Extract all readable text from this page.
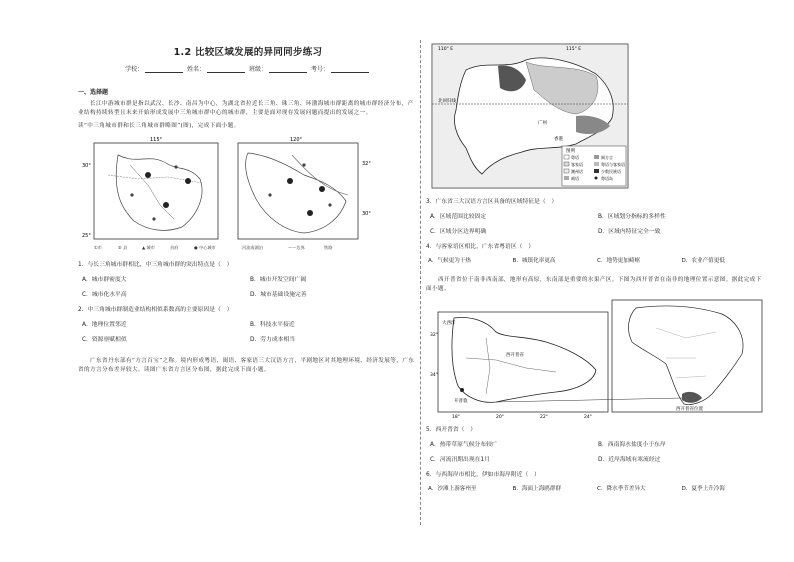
1.2 比较区域发展的异同同步练习
学校：	姓名：	班级：	考号：
一、选择题
长江中游城市群是指以武汉、长沙、南昌为中心，为湖北省拉近长三角、珠三角、环渤海城市群距离的城市群经济分布，产业结构持续转型且未来开始形成发展中三角城市群中心的城市群，主要是面对现存发展问题而提出的发展之一。
读“中三角城市群和长三角城市群略图”(图)，完成下面小题。
115°
30°
25°
120°
32°
30°
①市	⑤ 县	▲ 城市	首府	● 中心城市	河流或湖泊	～～边界	铁路
1．与长三角城市群相比，中三角城市群的突出特点是（　）
A．城市群密度大	B．城市开发空间广阔
C．城市化水平高	D．城市基础设施完善
2．中三角城市群制造业结构相似系数高的主要原因是（　）
A．地理位置邻近	B．科技水平接近
C．资源禀赋相似	D．劳力成本相当
广东省丹东部有“方言百宝”之称。境内形成粤语、闽语、客家语三大汉语方言，平剧地区对其地理环境、经济发展等，广东省的方言分布差异较大。读图广东省方言区分布图，据此完成下面小题。
110° E	115° E
北回归线
广州
香港
图例
粤语	闽方言
客家语	粤语与客家语
潮州话	少数民族语
闽语	粤语岛
3．广东省三大汉语方言区具备的区域特征是（　）
A．区域范围比较固定	B．区域划分指标的多样性
C．区域分区边界明确	D．区域内特征完全一致
4．与客家语区相比，广东省粤语区（　）
A．气候更为干热	B．城镇化率更高	C．地势更加崎岖	D．农业产值更低
西开普省位于南非西南部，地形有高原，东南部是重要的水果产区。下图为西开普省在南非的地理位置示意图。据此完成下面小题。
32°
34°
18°	20°	22°	24°
西开普省
开普敦
大西洋
西开普省位置
5．西开普省（　）
A．热带草原气候分布较广	B．西南海水盐度小于东岸
C．河流汛期出现在1月	D．近岸海域有寒流经过
6．与西海岸市相比，伊如市海岸附近（　）
A．沙滩上游客州至	B．海面上海鸥群群	C．降水季节差异大	D．夏季上升冷海
